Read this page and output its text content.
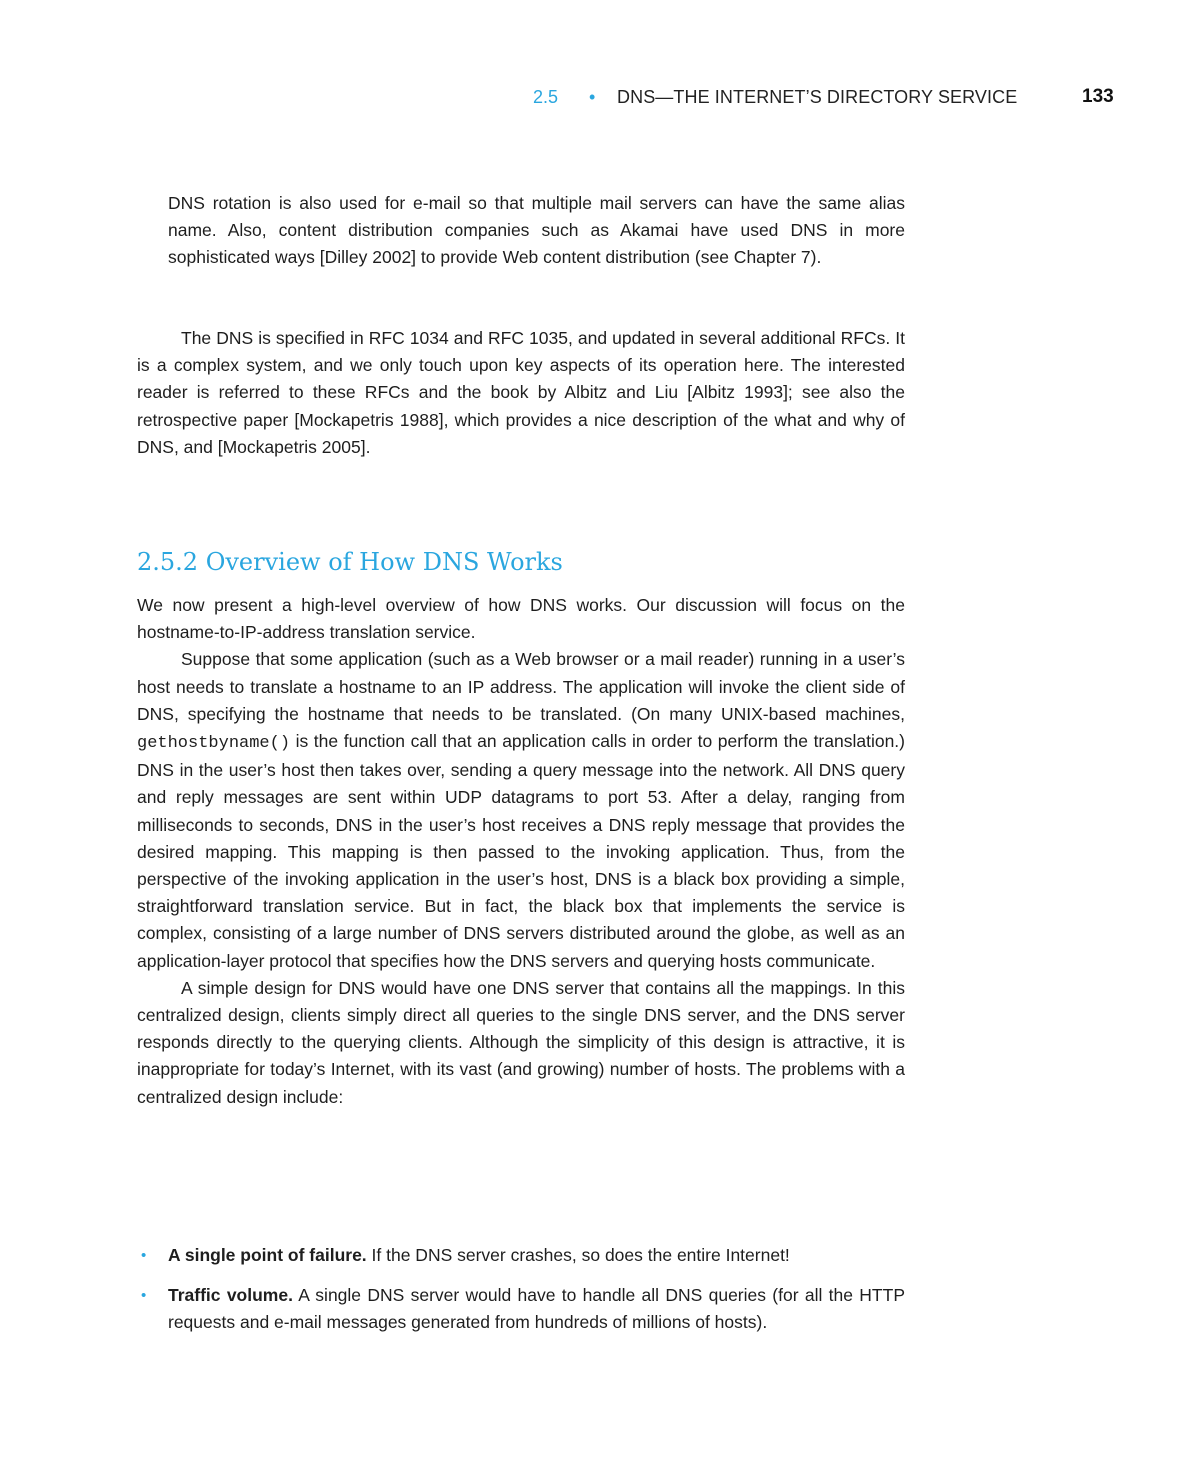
2.5 • DNS—THE INTERNET’S DIRECTORY SERVICE	133

DNS rotation is also used for e-mail so that multiple mail servers can have the same alias name. Also, content distribution companies such as Akamai have used DNS in more sophisticated ways [Dilley 2002] to provide Web content distribution (see Chapter 7).

The DNS is specified in RFC 1034 and RFC 1035, and updated in several additional RFCs. It is a complex system, and we only touch upon key aspects of its operation here. The interested reader is referred to these RFCs and the book by Albitz and Liu [Albitz 1993]; see also the retrospective paper [Mockapetris 1988], which provides a nice description of the what and why of DNS, and [Mockapetris 2005].

2.5.2 Overview of How DNS Works

We now present a high-level overview of how DNS works. Our discussion will focus on the hostname-to-IP-address translation service.

Suppose that some application (such as a Web browser or a mail reader) running in a user’s host needs to translate a hostname to an IP address. The application will invoke the client side of DNS, specifying the hostname that needs to be translated. (On many UNIX-based machines, gethostbyname() is the function call that an application calls in order to perform the translation.) DNS in the user’s host then takes over, sending a query message into the network. All DNS query and reply messages are sent within UDP datagrams to port 53. After a delay, ranging from milliseconds to seconds, DNS in the user’s host receives a DNS reply message that provides the desired mapping. This mapping is then passed to the invoking application. Thus, from the perspective of the invoking application in the user’s host, DNS is a black box providing a simple, straightforward translation service. But in fact, the black box that implements the service is complex, consisting of a large number of DNS servers distributed around the globe, as well as an application-layer protocol that specifies how the DNS servers and querying hosts communicate.

A simple design for DNS would have one DNS server that contains all the mappings. In this centralized design, clients simply direct all queries to the single DNS server, and the DNS server responds directly to the querying clients. Although the simplicity of this design is attractive, it is inappropriate for today’s Internet, with its vast (and growing) number of hosts. The problems with a centralized design include:

• A single point of failure. If the DNS server crashes, so does the entire Internet!
• Traffic volume. A single DNS server would have to handle all DNS queries (for all the HTTP requests and e-mail messages generated from hundreds of millions of hosts).
